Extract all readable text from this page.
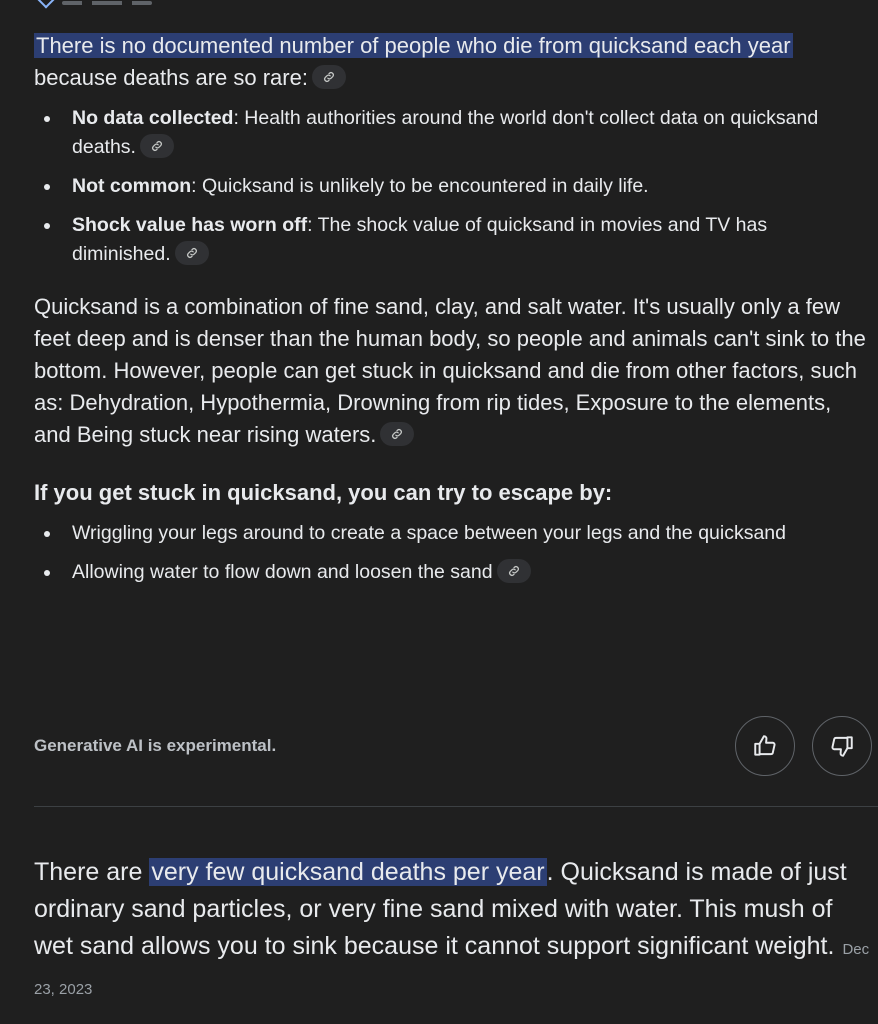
There is no documented number of people who die from quicksand each year because deaths are so rare:

No data collected: Health authorities around the world don't collect data on quicksand deaths.
Not common: Quicksand is unlikely to be encountered in daily life.
Shock value has worn off: The shock value of quicksand in movies and TV has diminished.

Quicksand is a combination of fine sand, clay, and salt water. It's usually only a few feet deep and is denser than the human body, so people and animals can't sink to the bottom. However, people can get stuck in quicksand and die from other factors, such as: Dehydration, Hypothermia, Drowning from rip tides, Exposure to the elements, and Being stuck near rising waters.

If you get stuck in quicksand, you can try to escape by:

Wriggling your legs around to create a space between your legs and the quicksand
Allowing water to flow down and loosen the sand
Generative AI is experimental.

There are very few quicksand deaths per year. Quicksand is made of just ordinary sand particles, or very fine sand mixed with water. This mush of wet sand allows you to sink because it cannot support significant weight. Dec 23, 2023
